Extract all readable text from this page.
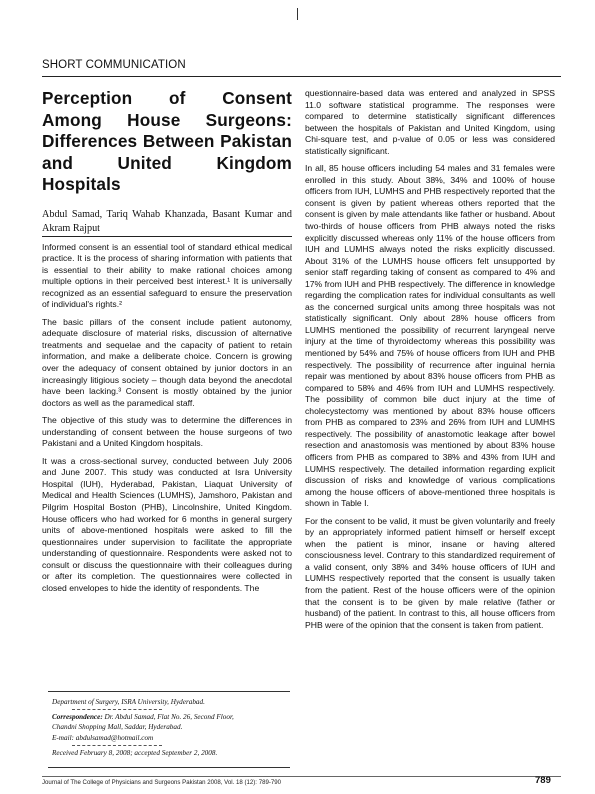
SHORT COMMUNICATION
Perception of Consent Among House Surgeons: Differences Between Pakistan and United Kingdom Hospitals
Abdul Samad, Tariq Wahab Khanzada, Basant Kumar and Akram Rajput

Informed consent is an essential tool of standard ethical medical practice. It is the process of sharing information with patients that is essential to their ability to make rational choices among multiple options in their perceived best interest.¹ It is universally recognized as an essential safeguard to ensure the preservation of individual's rights.²

The basic pillars of the consent include patient autonomy, adequate disclosure of material risks, discussion of alternative treatments and sequelae and the capacity of patient to retain information, and make a deliberate choice. Concern is growing over the adequacy of consent obtained by junior doctors in an increasingly litigious society – though data beyond the anecdotal have been lacking.³ Consent is mostly obtained by the junior doctors as well as the paramedical staff.

The objective of this study was to determine the differences in understanding of consent between the house surgeons of two Pakistani and a United Kingdom hospitals.

It was a cross-sectional survey, conducted between July 2006 and June 2007. This study was conducted at Isra University Hospital (IUH), Hyderabad, Pakistan, Liaquat University of Medical and Health Sciences (LUMHS), Jamshoro, Pakistan and Pilgrim Hospital Boston (PHB), Lincolnshire, United Kingdom. House officers who had worked for 6 months in general surgery units of above-mentioned hospitals were asked to fill the questionnaires under supervision to facilitate the appropriate understanding of questionnaire. Respondents were asked not to consult or discuss the questionnaire with their colleagues during or after its completion. The questionnaires were collected in closed envelopes to hide the identity of respondents. The

questionnaire-based data was entered and analyzed in SPSS 11.0 software statistical programme. The responses were compared to determine statistically significant differences between the hospitals of Pakistan and United Kingdom, using Chi-square test, and p-value of 0.05 or less was considered statistically significant.

In all, 85 house officers including 54 males and 31 females were enrolled in this study. About 38%, 34% and 100% of house officers from IUH, LUMHS and PHB respectively reported that the consent is given by patient whereas others reported that the consent is given by male attendants like father or husband. About two-thirds of house officers from PHB always noted the risks explicitly discussed whereas only 11% of the house officers from IUH and LUMHS always noted the risks explicitly discussed. About 31% of the LUMHS house officers felt unsupported by senior staff regarding taking of consent as compared to 4% and 17% from IUH and PHB respectively. The difference in knowledge regarding the complication rates for individual consultants as well as the concerned surgical units among three hospitals was not statistically significant. Only about 28% house officers from LUMHS mentioned the possibility of recurrent laryngeal nerve injury at the time of thyroidectomy whereas this possibility was mentioned by 54% and 75% of house officers from IUH and PHB respectively. The possibility of recurrence after inguinal hernia repair was mentioned by about 83% house officers from PHB as compared to 58% and 46% from IUH and LUMHS respectively. The possibility of common bile duct injury at the time of cholecystectomy was mentioned by about 83% house officers from PHB as compared to 23% and 26% from IUH and LUMHS respectively. The possibility of anastomotic leakage after bowel resection and anastomosis was mentioned by about 83% house officers from PHB as compared to 38% and 43% from IUH and LUMHS respectively. The detailed information regarding explicit discussion of risks and knowledge of various complications among the house officers of above-mentioned three hospitals is shown in Table I.

For the consent to be valid, it must be given voluntarily and freely by an appropriately informed patient himself or herself except when the patient is minor, insane or having altered consciousness level. Contrary to this standardized requirement of a valid consent, only 38% and 34% house officers of IUH and LUMHS respectively reported that the consent is usually taken from the patient. Rest of the house officers were of the opinion that the consent is to be given by male relative (father or husband) of the patient. In contrast to this, all house officers from PHB were of the opinion that the consent is taken from patient.

Department of Surgery, ISRA University, Hyderabad.
Correspondence: Dr. Abdul Samad, Flat No. 26, Second Floor,
Chandni Shopping Mall, Saddar, Hyderabad.
E-mail: abdulsamad@hotmail.com
Received February 8, 2008; accepted September 2, 2008.
Journal of The College of Physicians and Surgeons Pakistan 2008, Vol. 18 (12): 789-790	789
